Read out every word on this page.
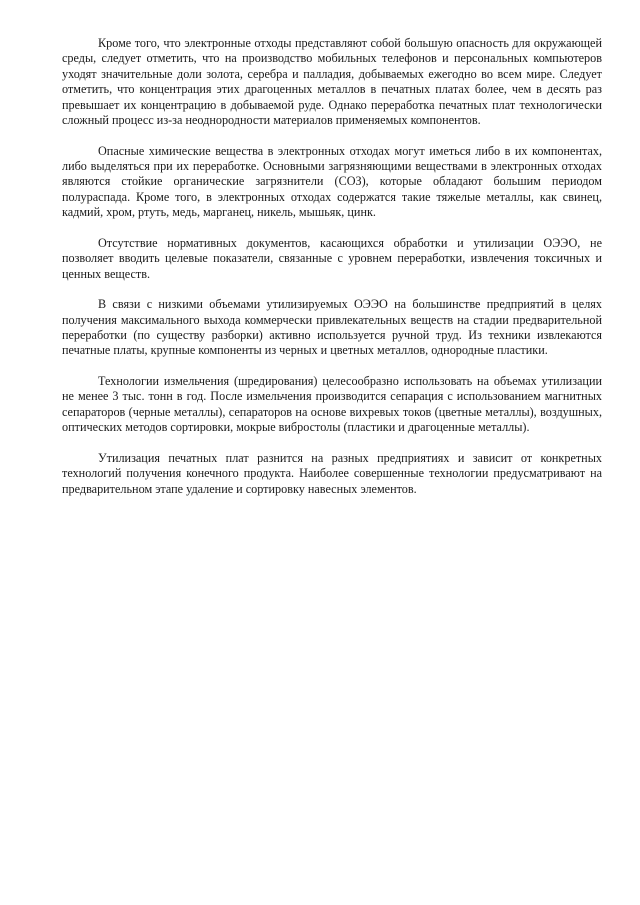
Кроме того, что электронные отходы представляют собой большую опасность для окружающей среды, следует отметить, что на производство мобильных телефонов и персональных компьютеров уходят значительные доли золота, серебра и палладия, добываемых ежегодно во всем мире. Следует отметить, что концентрация этих драгоценных металлов в печатных платах более, чем в десять раз превышает их концентрацию в добываемой руде. Однако переработка печатных плат технологически сложный процесс из-за неоднородности материалов применяемых компонентов.

Опасные химические вещества в электронных отходах могут иметься либо в их компонентах, либо выделяться при их переработке. Основными загрязняющими веществами в электронных отходах являются стойкие органические загрязнители (СОЗ), которые обладают большим периодом полураспада. Кроме того, в электронных отходах содержатся такие тяжелые металлы, как свинец, кадмий, хром, ртуть, медь, марганец, никель, мышьяк, цинк.

Отсутствие нормативных документов, касающихся обработки и утилизации ОЭЭО, не позволяет вводить целевые показатели, связанные с уровнем переработки, извлечения токсичных и ценных веществ.

В связи с низкими объемами утилизируемых ОЭЭО на большинстве предприятий в целях получения максимального выхода коммерчески привлекательных веществ на стадии предварительной переработки (по существу разборки) активно используется ручной труд. Из техники извлекаются печатные платы, крупные компоненты из черных и цветных металлов, однородные пластики.

Технологии измельчения (шредирования) целесообразно использовать на объемах утилизации не менее 3 тыс. тонн в год. После измельчения производится сепарация с использованием магнитных сепараторов (черные металлы), сепараторов на основе вихревых токов (цветные металлы), воздушных, оптических методов сортировки, мокрые вибростолы (пластики и драгоценные металлы).

Утилизация печатных плат разнится на разных предприятиях и зависит от конкретных технологий получения конечного продукта. Наиболее совершенные технологии предусматривают на предварительном этапе удаление и сортировку навесных элементов.
